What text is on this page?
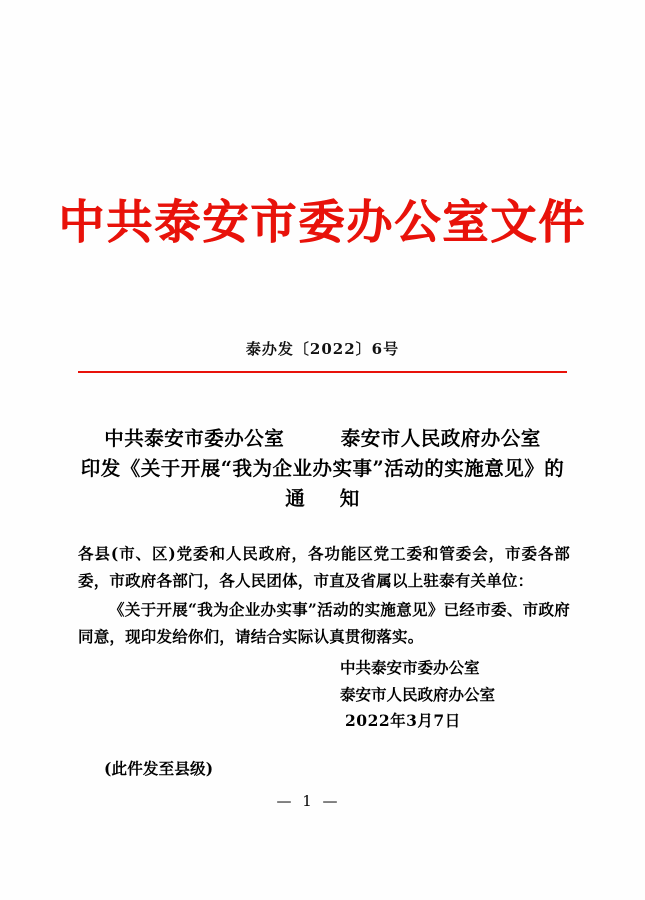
中共泰安市委办公室文件
泰办发〔2022〕6号
中共泰安市委办公室	泰安市人民政府办公室
印发《关于开展“我为企业办实事”活动的实施意见》的
通 知

各县(市、区)党委和人民政府，各功能区党工委和管委会，市委各部委，市政府各部门，各人民团体，市直及省属以上驻泰有关单位：

《关于开展“我为企业办实事”活动的实施意见》已经市委、市政府同意，现印发给你们，请结合实际认真贯彻落实。

中共泰安市委办公室
泰安市人民政府办公室
2022年3月7日
(此件发至县级)
— 1 —
